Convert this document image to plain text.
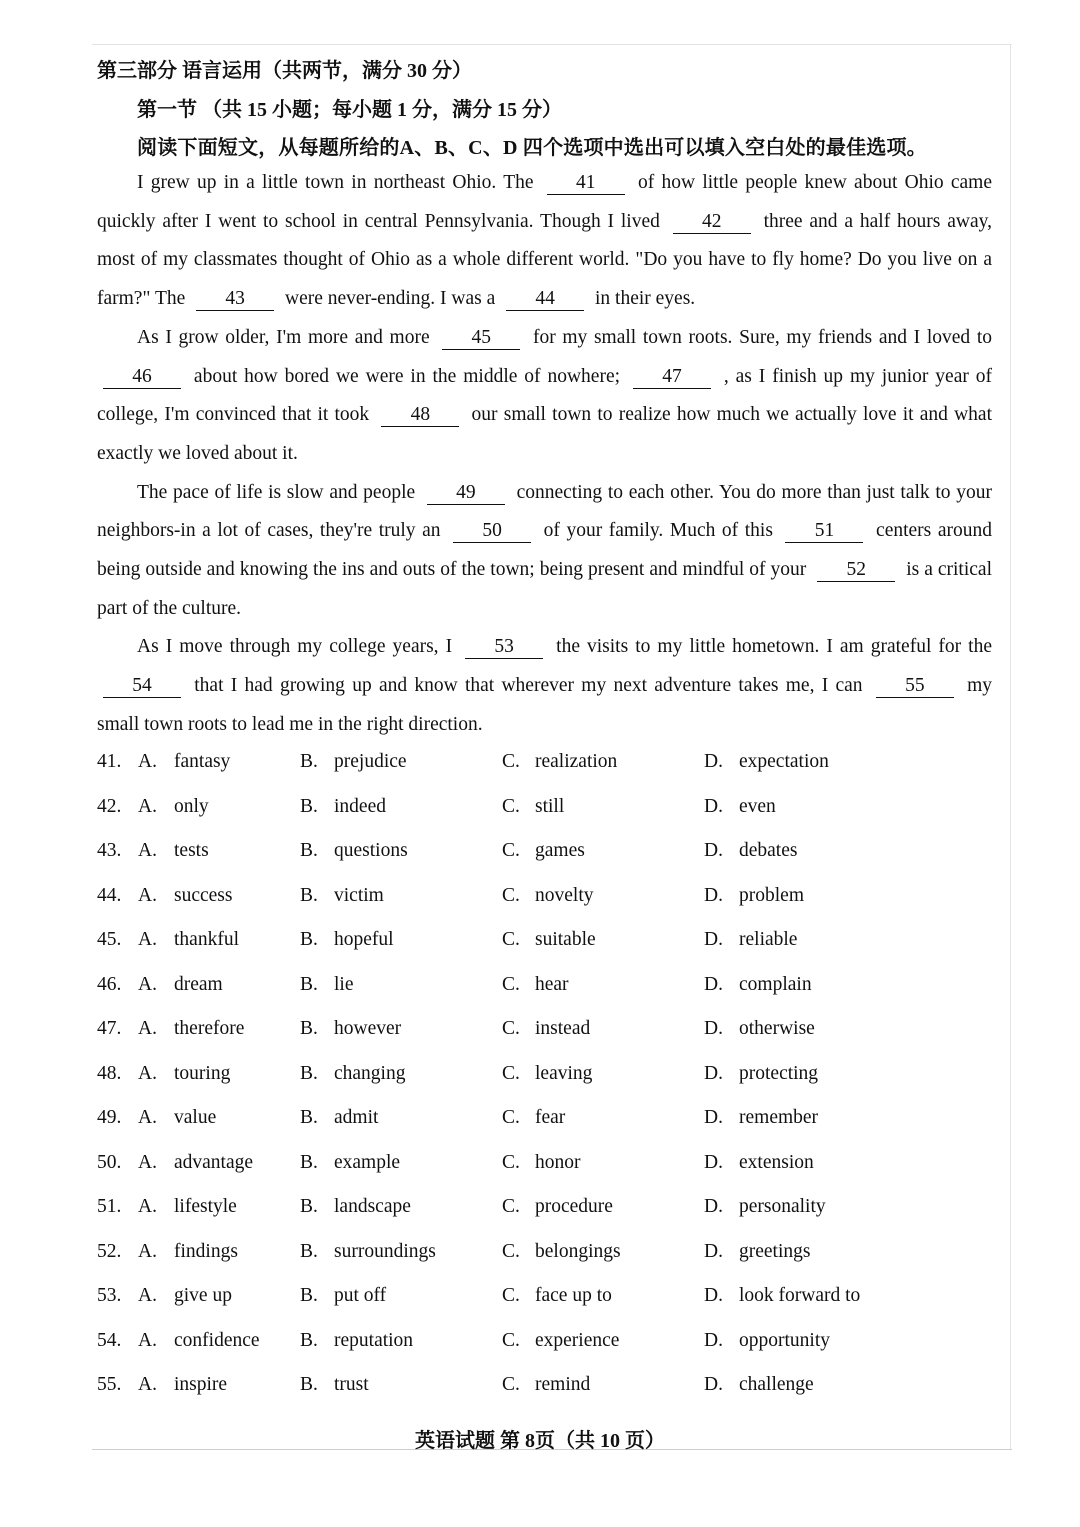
第三部分 语言运用（共两节，满分 30 分）
第一节 （共 15 小题；每小题 1 分，满分 15 分）
阅读下面短文，从每题所给的A、B、C、D 四个选项中选出可以填入空白处的最佳选项。

I grew up in a little town in northeast Ohio. The 41 of how little people knew about Ohio came quickly after I went to school in central Pennsylvania. Though I lived 42 three and a half hours away, most of my classmates thought of Ohio as a whole different world. "Do you have to fly home? Do you live on a farm?" The 43 were never-ending. I was a 44 in their eyes.

As I grow older, I'm more and more 45 for my small town roots. Sure, my friends and I loved to 46 about how bored we were in the middle of nowhere; 47 , as I finish up my junior year of college, I'm convinced that it took 48 our small town to realize how much we actually love it and what exactly we loved about it.

The pace of life is slow and people 49 connecting to each other. You do more than just talk to your neighbors-in a lot of cases, they're truly an 50 of your family. Much of this 51 centers around being outside and knowing the ins and outs of the town; being present and mindful of your 52 is a critical part of the culture.

As I move through my college years, I 53 the visits to my little hometown. I am grateful for the 54 that I had growing up and know that wherever my next adventure takes me, I can 55 my small town roots to lead me in the right direction.

41. A. fantasy	B. prejudice	C. realization	D. expectation
42. A. only	B. indeed	C. still	D. even
43. A. tests	B. questions	C. games	D. debates
44. A. success	B. victim	C. novelty	D. problem
45. A. thankful	B. hopeful	C. suitable	D. reliable
46. A. dream	B. lie	C. hear	D. complain
47. A. therefore	B. however	C. instead	D. otherwise
48. A. touring	B. changing	C. leaving	D. protecting
49. A. value	B. admit	C. fear	D. remember
50. A. advantage B. example	C. honor	D. extension
51. A. lifestyle	B. landscape	C. procedure	D. personality
52. A. findings	B. surroundings	C. belongings	D. greetings
53. A. give up	B. put off	C. face up to	D. look forward to
54. A. confidence B. reputation	C. experience	D. opportunity
55. A. inspire	B. trust	C. remind	D. challenge
英语试题 第 8页（共 10 页）
